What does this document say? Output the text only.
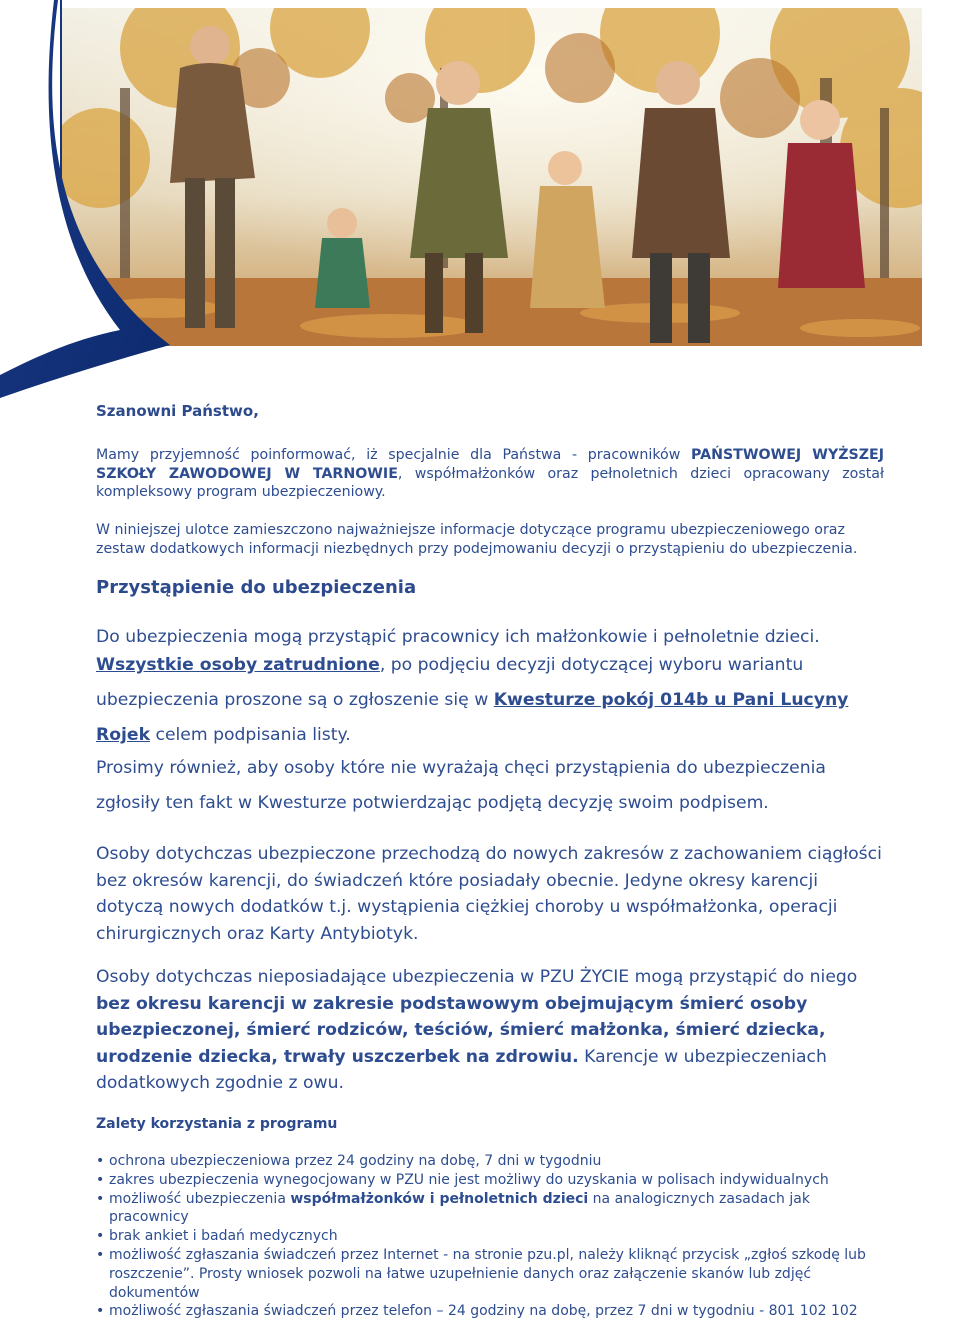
Szanowni Państwo,
Mamy przyjemność poinformować, iż specjalnie dla Państwa - pracowników PAŃSTWOWEJ WYŻSZEJ SZKOŁY ZAWODOWEJ W TARNOWIE, współmałżonków oraz pełnoletnich dzieci opracowany został kompleksowy program ubezpieczeniowy.
W niniejszej ulotce zamieszczono najważniejsze informacje dotyczące programu ubezpieczeniowego oraz zestaw dodatkowych informacji niezbędnych przy podejmowaniu decyzji o przystąpieniu do ubezpieczenia.
Przystąpienie do ubezpieczenia
Do ubezpieczenia mogą przystąpić pracownicy ich małżonkowie i pełnoletnie dzieci.
Wszystkie osoby zatrudnione, po podjęciu decyzji dotyczącej wyboru wariantu ubezpieczenia proszone są o zgłoszenie się w Kwesturze pokój 014b u Pani Lucyny Rojek celem podpisania listy.
Prosimy również, aby osoby które nie wyrażają chęci przystąpienia do ubezpieczenia zgłosiły ten fakt w Kwesturze potwierdzając podjętą decyzję swoim podpisem.
Osoby dotychczas ubezpieczone przechodzą do nowych zakresów z zachowaniem ciągłości bez okresów karencji, do świadczeń które posiadały obecnie. Jedyne okresy karencji dotyczą nowych dodatków t.j. wystąpienia ciężkiej choroby u współmałżonka, operacji chirurgicznych oraz Karty Antybiotyk.
Osoby dotychczas nieposiadające ubezpieczenia w PZU ŻYCIE mogą przystąpić do niego bez okresu karencji w zakresie podstawowym obejmującym śmierć osoby ubezpieczonej, śmierć rodziców, teściów, śmierć małżonka, śmierć dziecka, urodzenie dziecka, trwały uszczerbek na zdrowiu. Karencje w ubezpieczeniach dodatkowych zgodnie z owu.
Zalety korzystania z programu
• ochrona ubezpieczeniowa przez 24 godziny na dobę, 7 dni w tygodniu
• zakres ubezpieczenia wynegocjowany w PZU nie jest możliwy do uzyskania w polisach indywidualnych
• możliwość ubezpieczenia współmałżonków i pełnoletnich dzieci na analogicznych zasadach jak pracownicy
• brak ankiet i badań medycznych
• możliwość zgłaszania świadczeń przez Internet - na stronie pzu.pl, należy kliknąć przycisk „zgłoś szkodę lub roszczenie”. Prosty wniosek pozwoli na łatwe uzupełnienie danych oraz załączenie skanów lub zdjęć dokumentów
• możliwość zgłaszania świadczeń przez telefon – 24 godziny na dobę, przez 7 dni w tygodniu - 801 102 102
